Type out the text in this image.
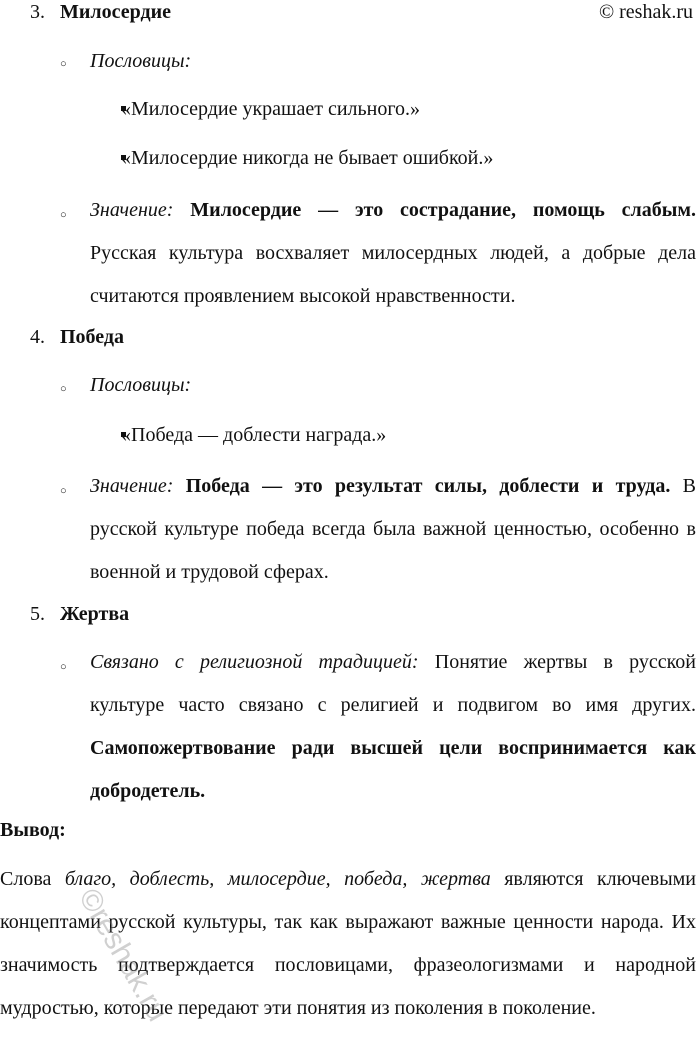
© reshak.ru
3. Милосердие
○ Пословицы:
«Милосердие украшает сильного.»
«Милосердие никогда не бывает ошибкой.»
○ Значение: Милосердие — это сострадание, помощь слабым. Русская культура восхваляет милосердных людей, а добрые дела считаются проявлением высокой нравственности.
4. Победа
○ Пословицы:
«Победа — доблести награда.»
○ Значение: Победа — это результат силы, доблести и труда. В русской культуре победа всегда была важной ценностью, особенно в военной и трудовой сферах.
5. Жертва
○ Связано с религиозной традицией: Понятие жертвы в русской культуре часто связано с религией и подвигом во имя других. Самопожертвование ради высшей цели воспринимается как добродетель.
Вывод:
Слова благо, доблесть, милосердие, победа, жертва являются ключевыми концептами русской культуры, так как выражают важные ценности народа. Их значимость подтверждается пословицами, фразеологизмами и народной мудростью, которые передают эти понятия из поколения в поколение.
©reshak.ru
